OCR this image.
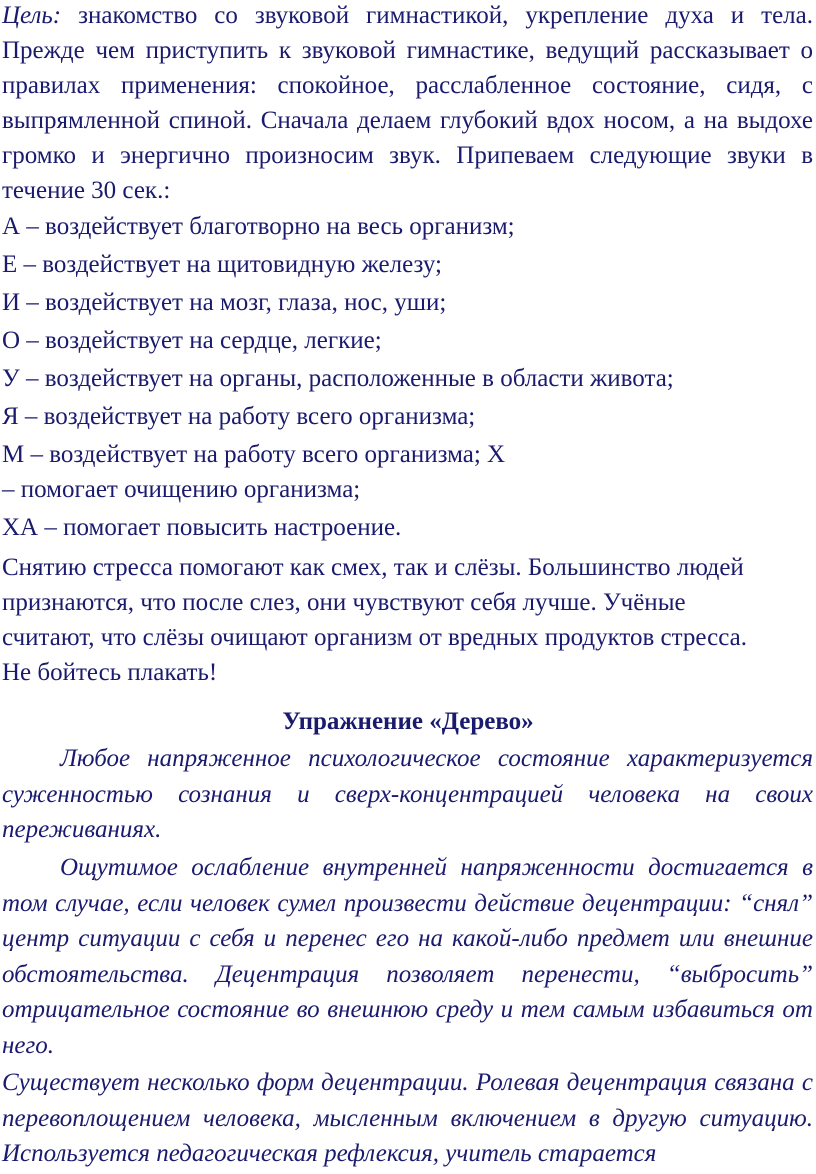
Цель: знакомство со звуковой гимнастикой, укрепление духа и тела. Прежде чем приступить к звуковой гимнастике, ведущий рассказывает о правилах применения: спокойное, расслабленное состояние, сидя, с выпрямленной спиной. Сначала делаем глубокий вдох носом, а на выдохе громко и энергично произносим звук. Припеваем следующие звуки в течение 30 сек.:

А – воздействует благотворно на весь организм;

Е – воздействует на щитовидную железу;

И – воздействует на мозг, глаза, нос, уши;

О – воздействует на сердце, легкие;

У – воздействует на органы, расположенные в области живота;

Я – воздействует на работу всего организма;

М – воздействует на работу всего организма; Х

– помогает очищению организма;

ХА – помогает повысить настроение.

Снятию стресса помогают как смех, так и слёзы. Большинство людей

признаются, что после слез, они чувствуют себя лучше. Учёные

считают, что слёзы очищают организм от вредных продуктов стресса.

Не бойтесь плакать!

Упражнение «Дерево»

Любое напряженное психологическое состояние характеризуется суженностью сознания и сверх-концентрацией человека на своих переживаниях.

Ощутимое ослабление внутренней напряженности достигается в том случае, если человек сумел произвести действие децентрации: “снял” центр ситуации с себя и перенес его на какой-либо предмет или внешние обстоятельства. Децентрация позволяет перенести, “выбросить” отрицательное состояние во внешнюю среду и тем самым избавиться от него.

Существует несколько форм децентрации. Ролевая децентрация связана с перевоплощением человека, мысленным включением в другую ситуацию. Используется педагогическая рефлексия, учитель старается
